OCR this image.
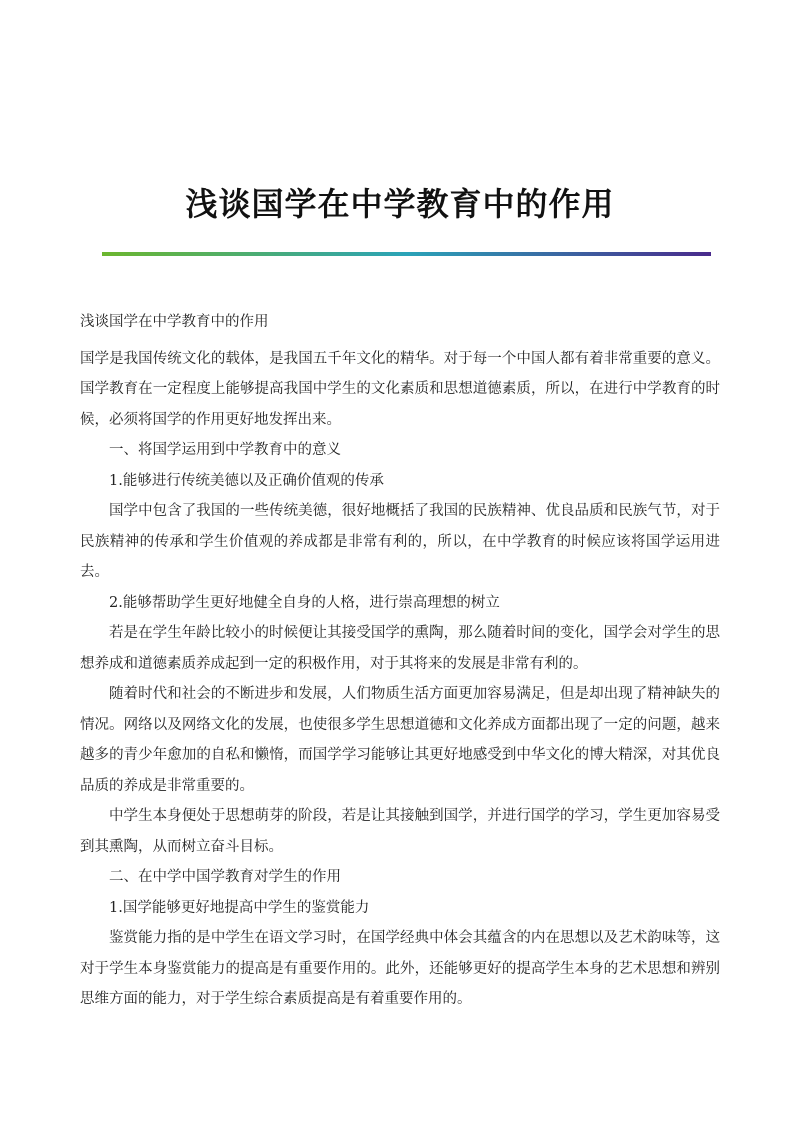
浅谈国学在中学教育中的作用

浅谈国学在中学教育中的作用

国学是我国传统文化的载体，是我国五千年文化的精华。对于每一个中国人都有着非常重要的意义。国学教育在一定程度上能够提高我国中学生的文化素质和思想道德素质，所以，在进行中学教育的时候，必须将国学的作用更好地发挥出来。

一、将国学运用到中学教育中的意义

1.能够进行传统美德以及正确价值观的传承

国学中包含了我国的一些传统美德，很好地概括了我国的民族精神、优良品质和民族气节，对于民族精神的传承和学生价值观的养成都是非常有利的，所以，在中学教育的时候应该将国学运用进去。

2.能够帮助学生更好地健全自身的人格，进行崇高理想的树立

若是在学生年龄比较小的时候便让其接受国学的熏陶，那么随着时间的变化，国学会对学生的思想养成和道德素质养成起到一定的积极作用，对于其将来的发展是非常有利的。

随着时代和社会的不断进步和发展，人们物质生活方面更加容易满足，但是却出现了精神缺失的情况。网络以及网络文化的发展，也使很多学生思想道德和文化养成方面都出现了一定的问题，越来越多的青少年愈加的自私和懒惰，而国学学习能够让其更好地感受到中华文化的博大精深，对其优良品质的养成是非常重要的。

中学生本身便处于思想萌芽的阶段，若是让其接触到国学，并进行国学的学习，学生更加容易受到其熏陶，从而树立奋斗目标。

二、在中学中国学教育对学生的作用

1.国学能够更好地提高中学生的鉴赏能力

鉴赏能力指的是中学生在语文学习时，在国学经典中体会其蕴含的内在思想以及艺术韵味等，这对于学生本身鉴赏能力的提高是有重要作用的。此外，还能够更好的提高学生本身的艺术思想和辨别思维方面的能力，对于学生综合素质提高是有着重要作用的。
